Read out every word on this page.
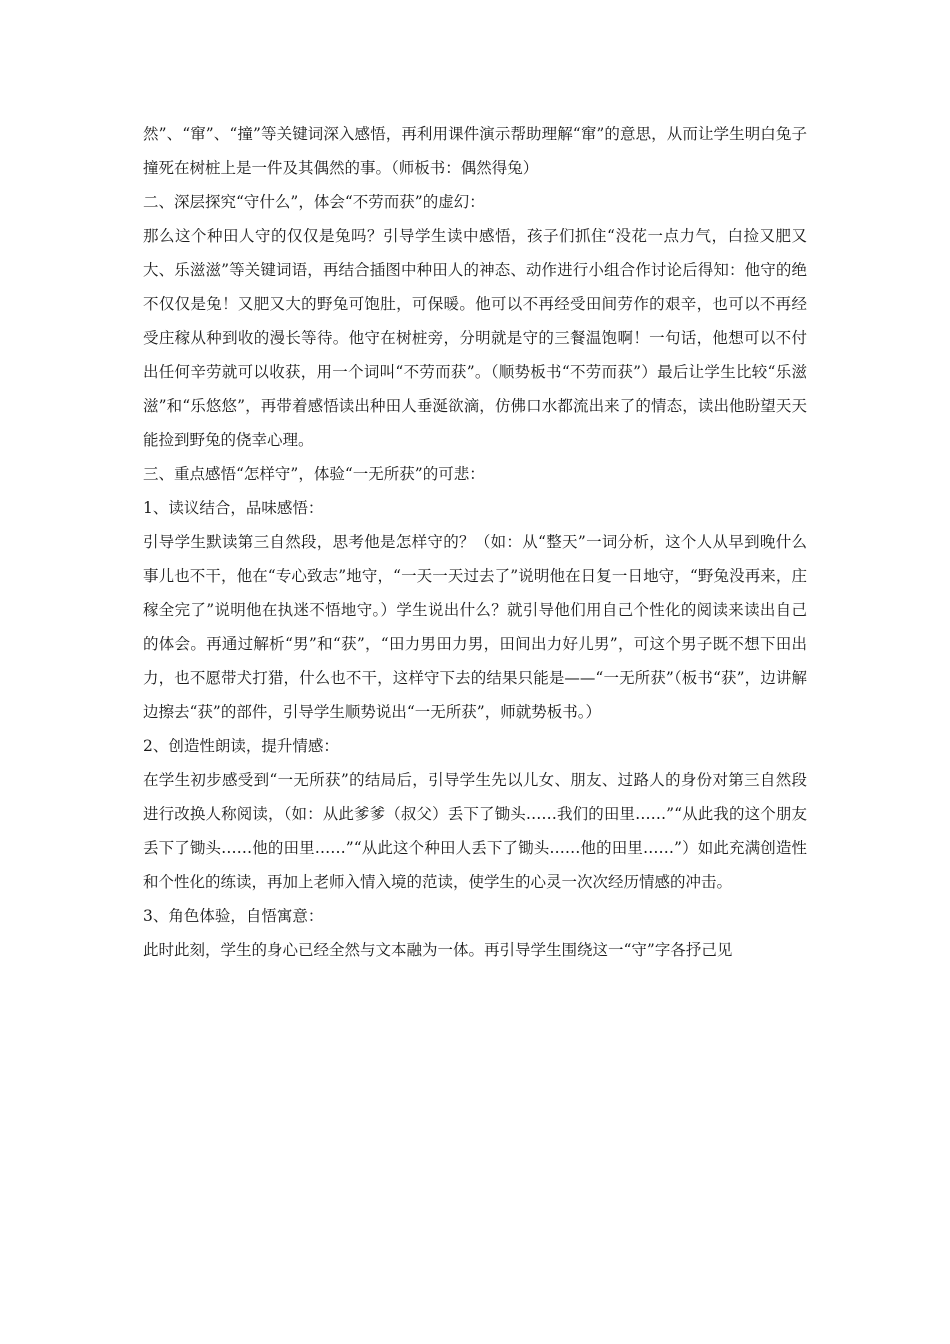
然”、“窜”、“撞”等关键词深入感悟，再利用课件演示帮助理解“窜”的意思，从而让学生明白兔子撞死在树桩上是一件及其偶然的事。（师板书：偶然得兔）

二、深层探究“守什么”，体会“不劳而获”的虚幻：

那么这个种田人守的仅仅是兔吗？引导学生读中感悟，孩子们抓住“没花一点力气，白捡又肥又大、乐滋滋”等关键词语，再结合插图中种田人的神态、动作进行小组合作讨论后得知：他守的绝不仅仅是兔！又肥又大的野兔可饱肚，可保暖。他可以不再经受田间劳作的艰辛，也可以不再经受庄稼从种到收的漫长等待。他守在树桩旁，分明就是守的三餐温饱啊！一句话，他想可以不付出任何辛劳就可以收获，用一个词叫“不劳而获”。（顺势板书“不劳而获”）最后让学生比较“乐滋滋”和“乐悠悠”，再带着感悟读出种田人垂涎欲滴，仿佛口水都流出来了的情态，读出他盼望天天能捡到野兔的侥幸心理。

三、重点感悟“怎样守”，体验“一无所获”的可悲：

1、读议结合，品味感悟：

引导学生默读第三自然段，思考他是怎样守的？（如：从“整天”一词分析，这个人从早到晚什么事儿也不干，他在“专心致志”地守，“一天一天过去了”说明他在日复一日地守，“野兔没再来，庄稼全完了”说明他在执迷不悟地守。）学生说出什么？就引导他们用自己个性化的阅读来读出自己的体会。再通过解析“男”和“获”，“田力男田力男，田间出力好儿男”，可这个男子既不想下田出力，也不愿带犬打猎，什么也不干，这样守下去的结果只能是——“一无所获”（板书“获”，边讲解边擦去“获”的部件，引导学生顺势说出“一无所获”，师就势板书。）

2、创造性朗读，提升情感：

在学生初步感受到“一无所获”的结局后，引导学生先以儿女、朋友、过路人的身份对第三自然段进行改换人称阅读，（如：从此爹爹（叔父）丢下了锄头……我们的田里……”“从此我的这个朋友丢下了锄头……他的田里……”“从此这个种田人丢下了锄头……他的田里……”）如此充满创造性和个性化的练读，再加上老师入情入境的范读，使学生的心灵一次次经历情感的冲击。

3、角色体验，自悟寓意：

此时此刻，学生的身心已经全然与文本融为一体。再引导学生围绕这一“守”字各抒己见
